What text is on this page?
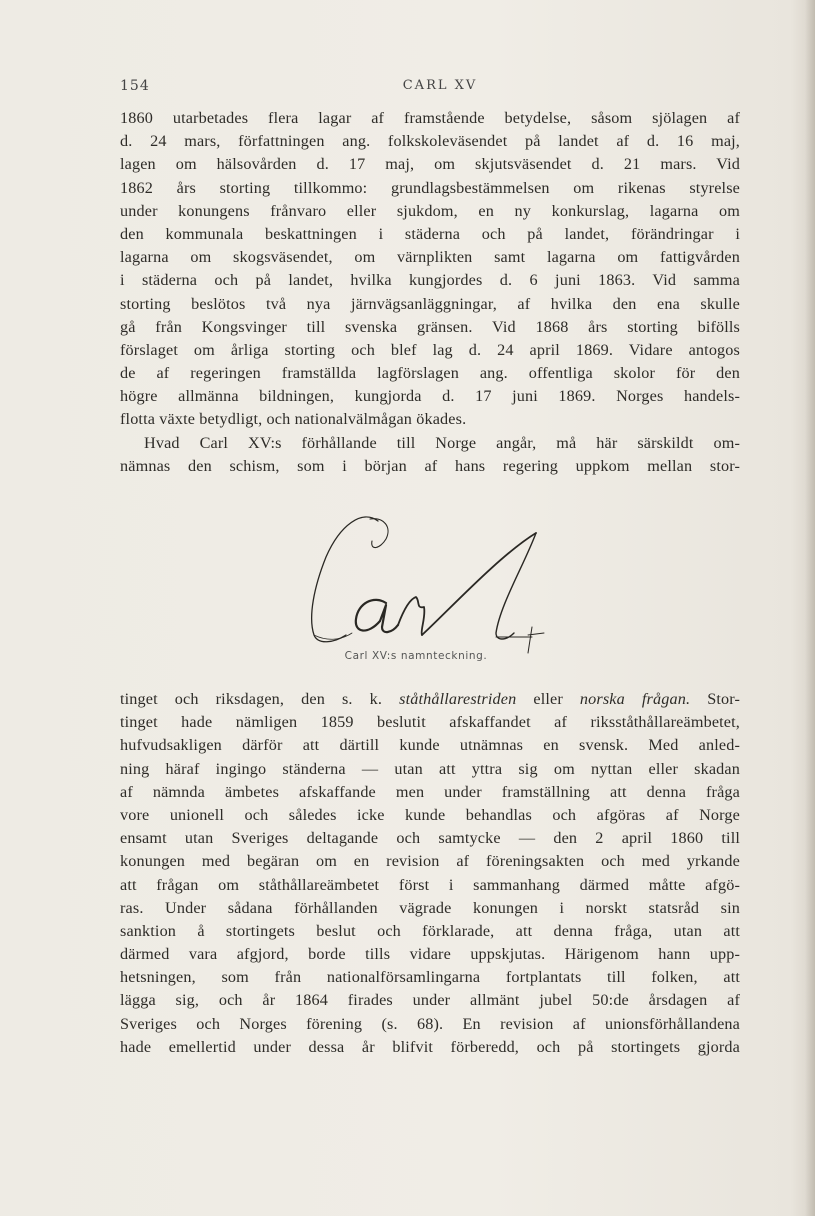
154	CARL XV
1860 utarbetades flera lagar af framstående betydelse, såsom sjölagen af
d. 24 mars, författningen ang. folkskoleväsendet på landet af d. 16 maj,
lagen om hälsovården d. 17 maj, om skjutsväsendet d. 21 mars. Vid
1862 års storting tillkommo: grundlagsbestämmelsen om rikenas styrelse
under konungens frånvaro eller sjukdom, en ny konkurslag, lagarna om
den kommunala beskattningen i städerna och på landet, förändringar i
lagarna om skogsväsendet, om värnplikten samt lagarna om fattigvården
i städerna och på landet, hvilka kungjordes d. 6 juni 1863. Vid samma
storting beslötos två nya järnvägsanläggningar, af hvilka den ena skulle
gå från Kongsvinger till svenska gränsen. Vid 1868 års storting bifölls
förslaget om årliga storting och blef lag d. 24 april 1869. Vidare antogos
de af regeringen framställda lagförslagen ang. offentliga skolor för den
högre allmänna bildningen, kungjorda d. 17 juni 1869. Norges handels-
flotta växte betydligt, och nationalvälmågan ökades.
Hvad Carl XV:s förhållande till Norge angår, må här särskildt om-
nämnas den schism, som i början af hans regering uppkom mellan stor-
Carl XV:s namnteckning.
tinget och riksdagen, den s. k. ståthållarestriden eller norska frågan. Stor-
tinget hade nämligen 1859 beslutit afskaffandet af riksståthållareämbetet,
hufvudsakligen därför att därtill kunde utnämnas en svensk. Med anled-
ning häraf ingingo ständerna — utan att yttra sig om nyttan eller skadan
af nämnda ämbetes afskaffande men under framställning att denna fråga
vore unionell och således icke kunde behandlas och afgöras af Norge
ensamt utan Sveriges deltagande och samtycke — den 2 april 1860 till
konungen med begäran om en revision af föreningsakten och med yrkande
att frågan om ståthållareämbetet först i sammanhang därmed måtte afgö-
ras. Under sådana förhållanden vägrade konungen i norskt statsråd sin
sanktion å stortingets beslut och förklarade, att denna fråga, utan att
därmed vara afgjord, borde tills vidare uppskjutas. Härigenom hann upp-
hetsningen, som från nationalförsamlingarna fortplantats till folken, att
lägga sig, och år 1864 firades under allmänt jubel 50:de årsdagen af
Sveriges och Norges förening (s. 68). En revision af unionsförhållandena
hade emellertid under dessa år blifvit förberedd, och på stortingets gjorda
